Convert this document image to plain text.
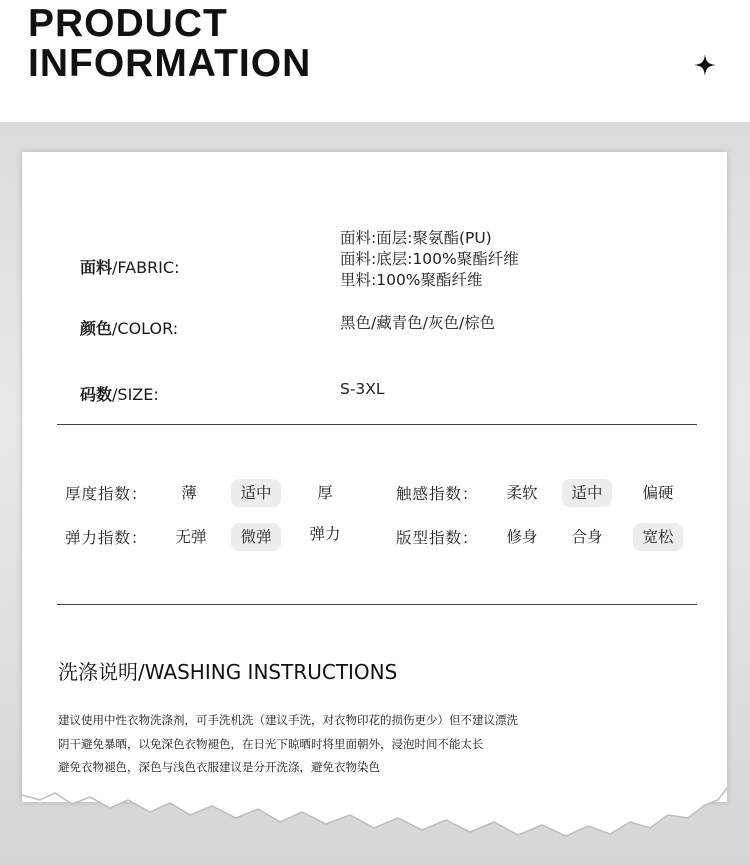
PRODUCT
INFORMATION
面料/FABRIC:
面料:面层:聚氨酯(PU)
面料:底层:100%聚酯纤维
里料:100%聚酯纤维
颜色/COLOR:	黑色/藏青色/灰色/棕色
码数/SIZE:	S-3XL
厚度指数：	薄	适中	厚	触感指数：	柔软	适中	偏硬
弹力指数：	无弹	微弹	弹力	版型指数：	修身	合身	宽松
洗涤说明/WASHING INSTRUCTIONS
建议使用中性衣物洗涤剂，可手洗机洗（建议手洗，对衣物印花的损伤更少）但不建议漂洗
阴干避免暴晒，以免深色衣物褪色，在日光下晾晒时将里面朝外，浸泡时间不能太长
避免衣物褪色，深色与浅色衣服建议是分开洗涤，避免衣物染色
